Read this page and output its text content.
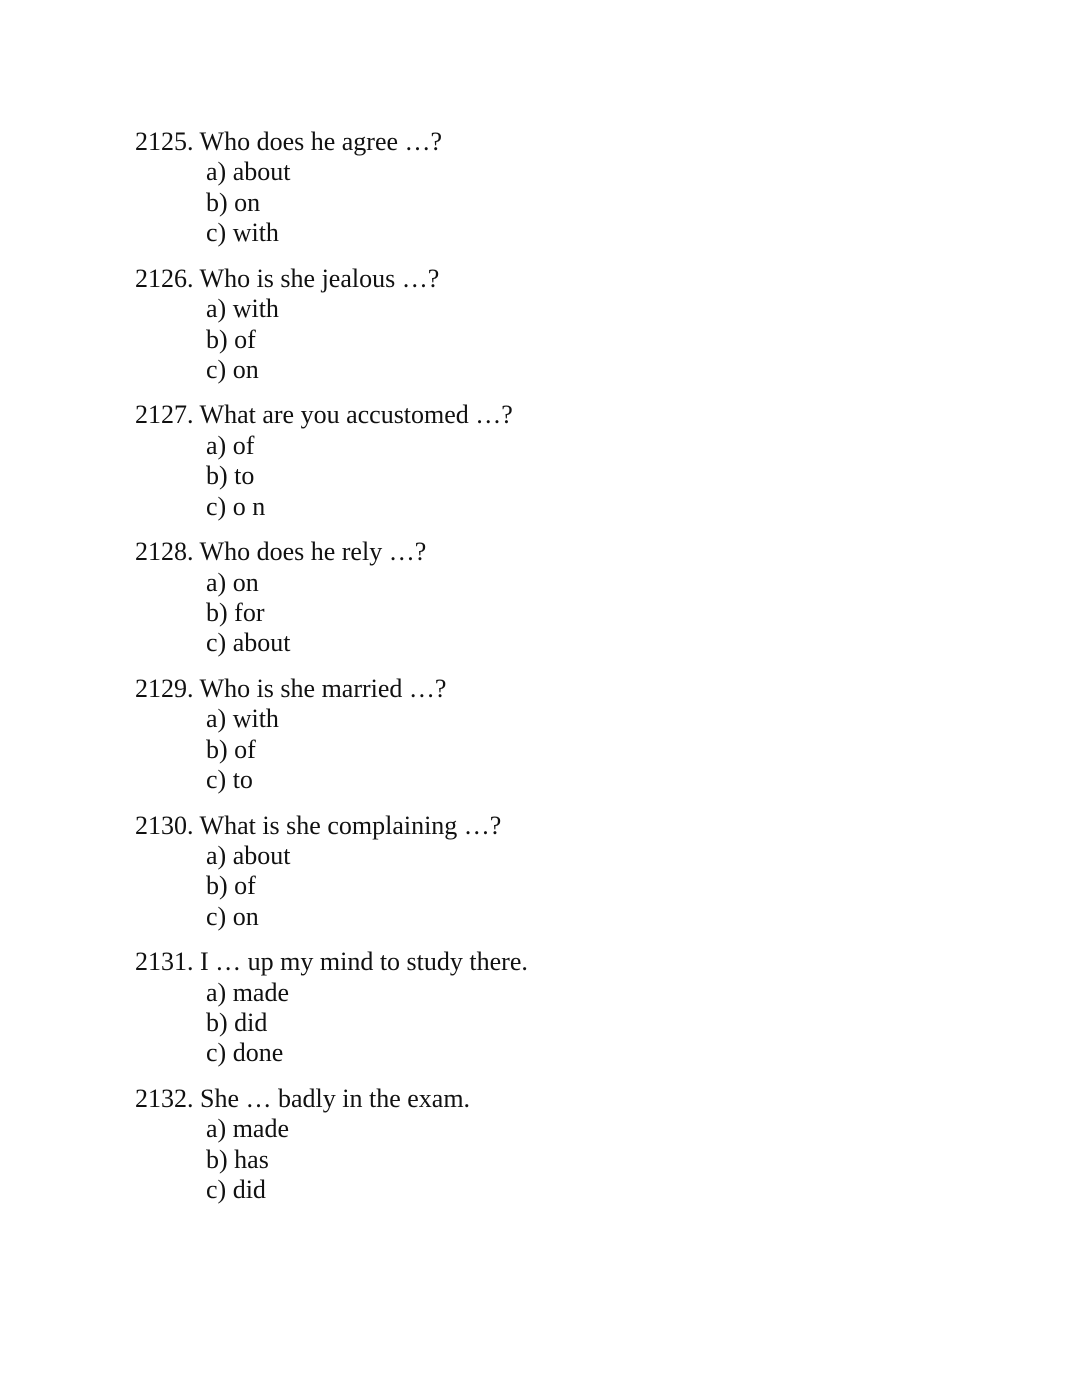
2125. Who does he agree …?
a) about
b) on
c) with
2126. Who is she jealous …?
a) with
b) of
c) on
2127. What are you accustomed …?
a) of
b) to
c) o n
2128. Who does he rely …?
a) on
b) for
c) about
2129. Who is she married …?
a) with
b) of
c) to
2130. What is she complaining …?
a) about
b) of
c) on
2131. I … up my mind to study there.
a) made
b) did
c) done
2132. She … badly in the exam.
a) made
b) has
c) did
